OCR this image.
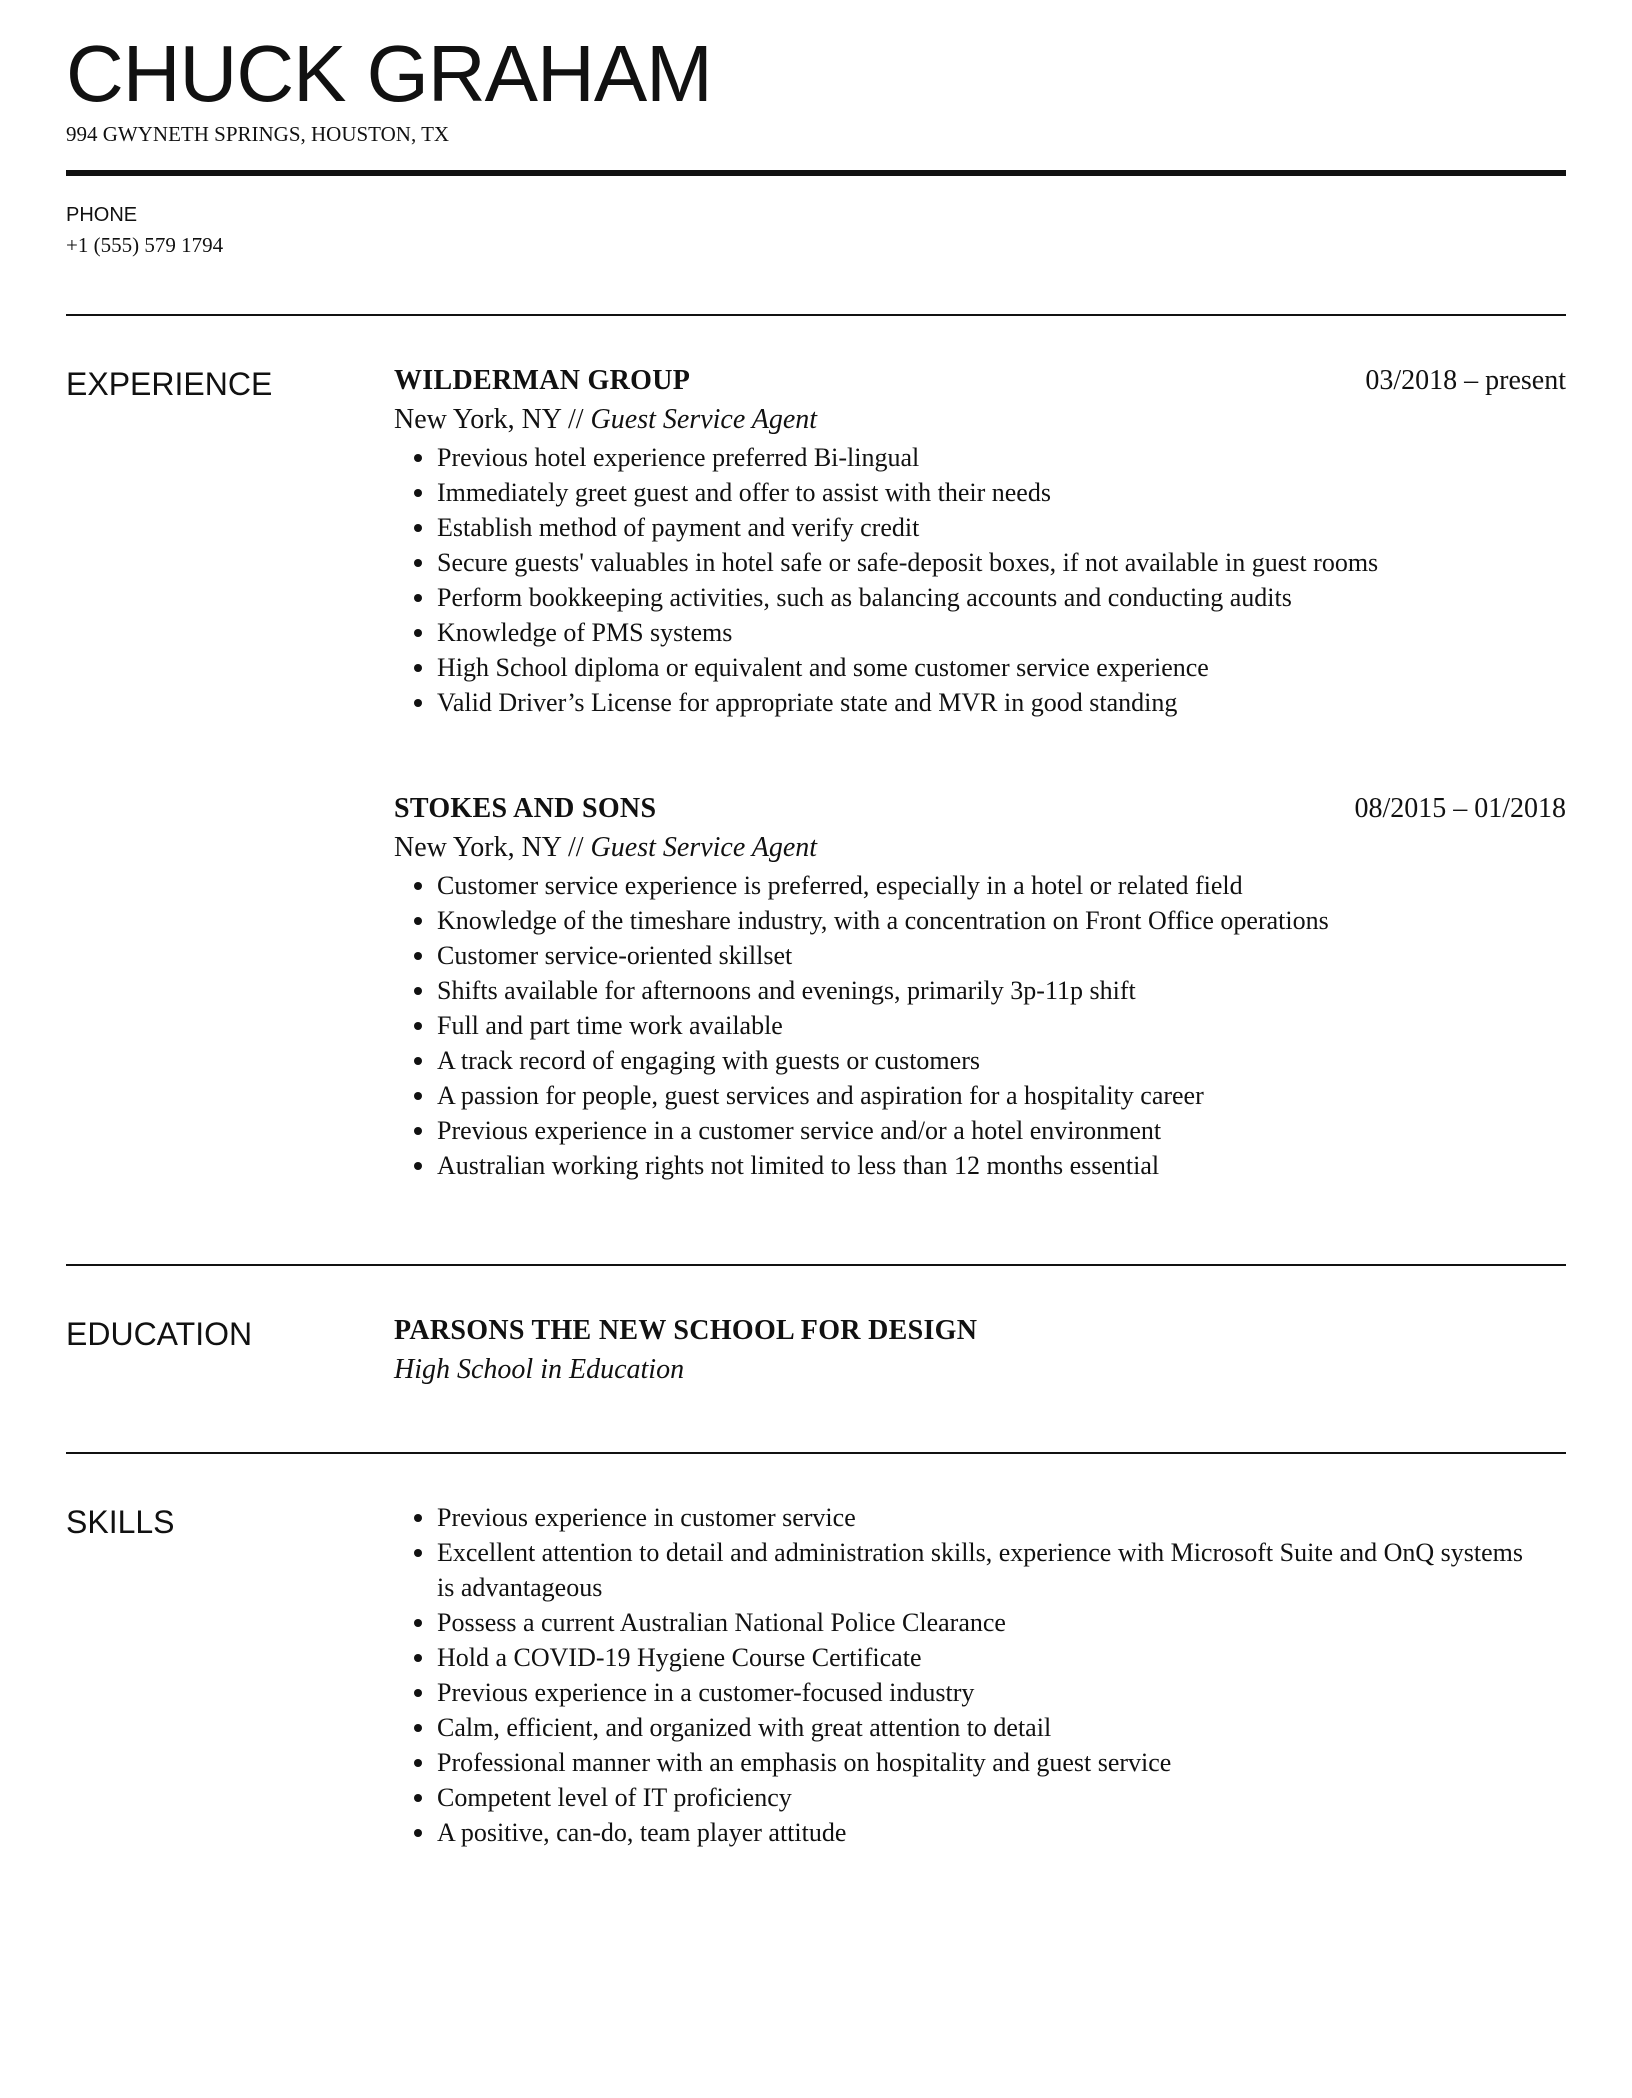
CHUCK GRAHAM
994 GWYNETH SPRINGS, HOUSTON, TX
PHONE
+1 (555) 579 1794
EXPERIENCE	WILDERMAN GROUP	03/2018 – present
New York, NY // Guest Service Agent
Previous hotel experience preferred Bi-lingual
Immediately greet guest and offer to assist with their needs
Establish method of payment and verify credit
Secure guests' valuables in hotel safe or safe-deposit boxes, if not available in guest rooms
Perform bookkeeping activities, such as balancing accounts and conducting audits
Knowledge of PMS systems
High School diploma or equivalent and some customer service experience
Valid Driver’s License for appropriate state and MVR in good standing
STOKES AND SONS	08/2015 – 01/2018
New York, NY // Guest Service Agent
Customer service experience is preferred, especially in a hotel or related field
Knowledge of the timeshare industry, with a concentration on Front Office operations
Customer service-oriented skillset
Shifts available for afternoons and evenings, primarily 3p-11p shift
Full and part time work available
A track record of engaging with guests or customers
A passion for people, guest services and aspiration for a hospitality career
Previous experience in a customer service and/or a hotel environment
Australian working rights not limited to less than 12 months essential
EDUCATION	PARSONS THE NEW SCHOOL FOR DESIGN
High School in Education
SKILLS	Previous experience in customer service
Excellent attention to detail and administration skills, experience with Microsoft Suite and OnQ systems is advantageous
Possess a current Australian National Police Clearance
Hold a COVID-19 Hygiene Course Certificate
Previous experience in a customer-focused industry
Calm, efficient, and organized with great attention to detail
Professional manner with an emphasis on hospitality and guest service
Competent level of IT proficiency
A positive, can-do, team player attitude
